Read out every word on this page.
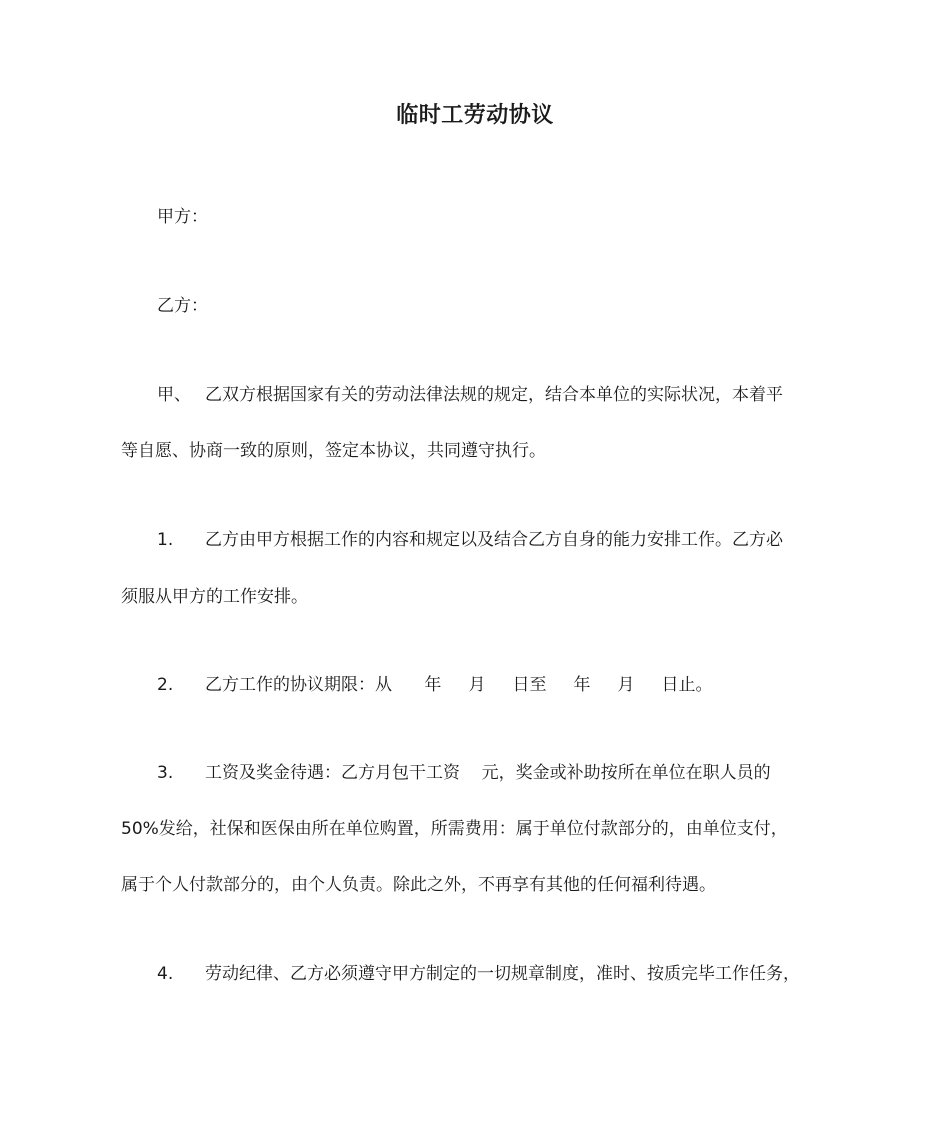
临时工劳动协议
甲方：
乙方：
甲、 乙双方根据国家有关的劳动法律法规的规定，结合本单位的实际状况，本着平
等自愿、协商一致的原则，签定本协议，共同遵守执行。
1. 乙方由甲方根据工作的内容和规定以及结合乙方自身的能力安排工作。乙方必
须服从甲方的工作安排。
2. 乙方工作的协议期限：从      年     月     日至     年     月     日止。
3. 工资及奖金待遇：乙方月包干工资    元，奖金或补助按所在单位在职人员的
50%发给，社保和医保由所在单位购置，所需费用：属于单位付款部分的，由单位支付，
属于个人付款部分的，由个人负责。除此之外，不再享有其他的任何福利待遇。
4. 劳动纪律、乙方必须遵守甲方制定的一切规章制度，准时、按质完毕工作任务，
